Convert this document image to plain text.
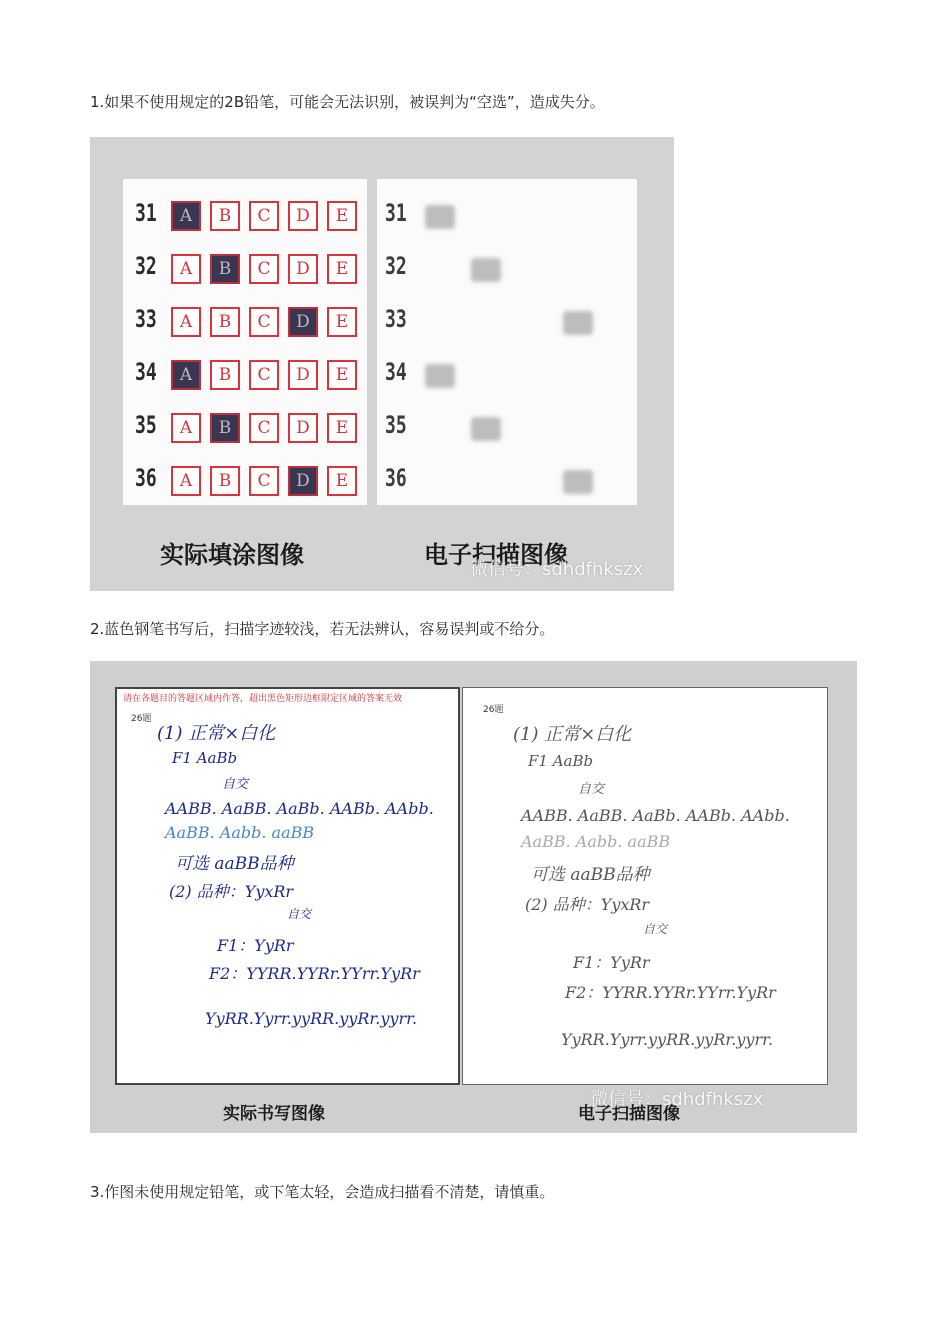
1.如果不使用规定的2B铅笔，可能会无法识别，被误判为“空选”，造成失分。
31	A	B	C	D	E
32	A	B	C	D	E
33	A	B	C	D	E
34	A	B	C	D	E
35	A	B	C	D	E
36	A	B	C	D	E
31
32
33
34
35
36
实际填涂图像	电子扫描图像
微信号：sdhdfhkszx
2.蓝色钢笔书写后，扫描字迹较浅，若无法辨认，容易误判或不给分。
请在各题目的答题区域内作答，超出黑色矩形边框限定区域的答案无效
26题
(1) 正常×白化
F1 AaBb
自交
AABB. AaBB. AaBb. AABb. AAbb.
AaBB. Aabb. aaBB
可选 aaBB品种
(2) 品种：YyxRr
自交
F1：YyRr
F2：YYRR.YYRr.YYrr.YyRr
YyRR.Yyrr.yyRR.yyRr.yyrr.
26题
(1) 正常×白化
F1 AaBb
自交
AABB. AaBB. AaBb. AABb. AAbb.
AaBB. Aabb. aaBB
可选 aaBB品种
(2) 品种：YyxRr
自交
F1：YyRr
F2：YYRR.YYRr.YYrr.YyRr
YyRR.Yyrr.yyRR.yyRr.yyrr.
实际书写图像	电子扫描图像
微信号：sdhdfhkszx
3.作图未使用规定铅笔，或下笔太轻，会造成扫描看不清楚，请慎重。
